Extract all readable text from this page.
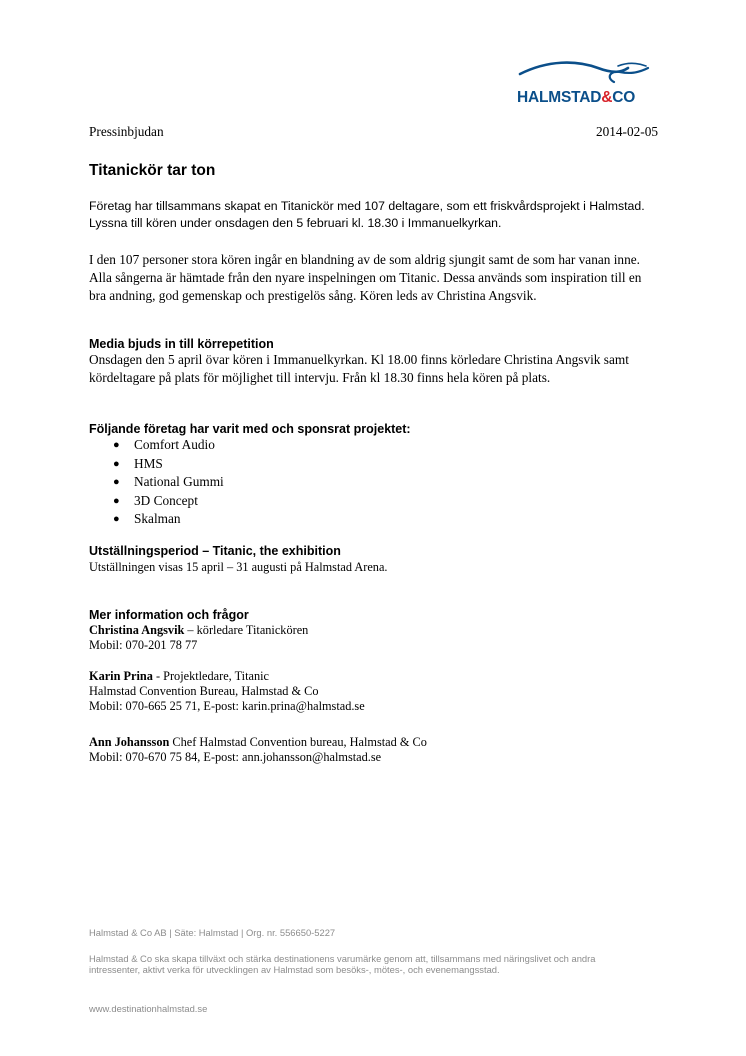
HALMSTAD&CO
Pressinbjudan	2014-02-05
Titanickör tar ton
Företag har tillsammans skapat en Titanickör med 107 deltagare, som ett friskvårdsprojekt i Halmstad. Lyssna till kören under onsdagen den 5 februari kl. 18.30 i Immanuelkyrkan.
I den 107 personer stora kören ingår en blandning av de som aldrig sjungit samt de som har vanan inne. Alla sångerna är hämtade från den nyare inspelningen om Titanic. Dessa används som inspiration till en bra andning, god gemenskap och prestigelös sång. Kören leds av Christina Angsvik.
Media bjuds in till körrepetition
Onsdagen den 5 april övar kören i Immanuelkyrkan. Kl 18.00 finns körledare Christina Angsvik samt kördeltagare på plats för möjlighet till intervju. Från kl 18.30 finns hela kören på plats.
Följande företag har varit med och sponsrat projektet:
● Comfort Audio
● HMS
● National Gummi
● 3D Concept
● Skalman
Utställningsperiod – Titanic, the exhibition
Utställningen visas 15 april – 31 augusti på Halmstad Arena.
Mer information och frågor
Christina Angsvik – körledare Titanickören
Mobil: 070-201 78 77
Karin Prina - Projektledare, Titanic
Halmstad Convention Bureau, Halmstad & Co
Mobil: 070-665 25 71, E-post: karin.prina@halmstad.se
Ann Johansson Chef Halmstad Convention bureau, Halmstad & Co
Mobil: 070-670 75 84, E-post: ann.johansson@halmstad.se
Halmstad & Co AB | Säte: Halmstad | Org. nr. 556650-5227
Halmstad & Co ska skapa tillväxt och stärka destinationens varumärke genom att, tillsammans med näringslivet och andra intressenter, aktivt verka för utvecklingen av Halmstad som besöks-, mötes-, och evenemangsstad.
www.destinationhalmstad.se
